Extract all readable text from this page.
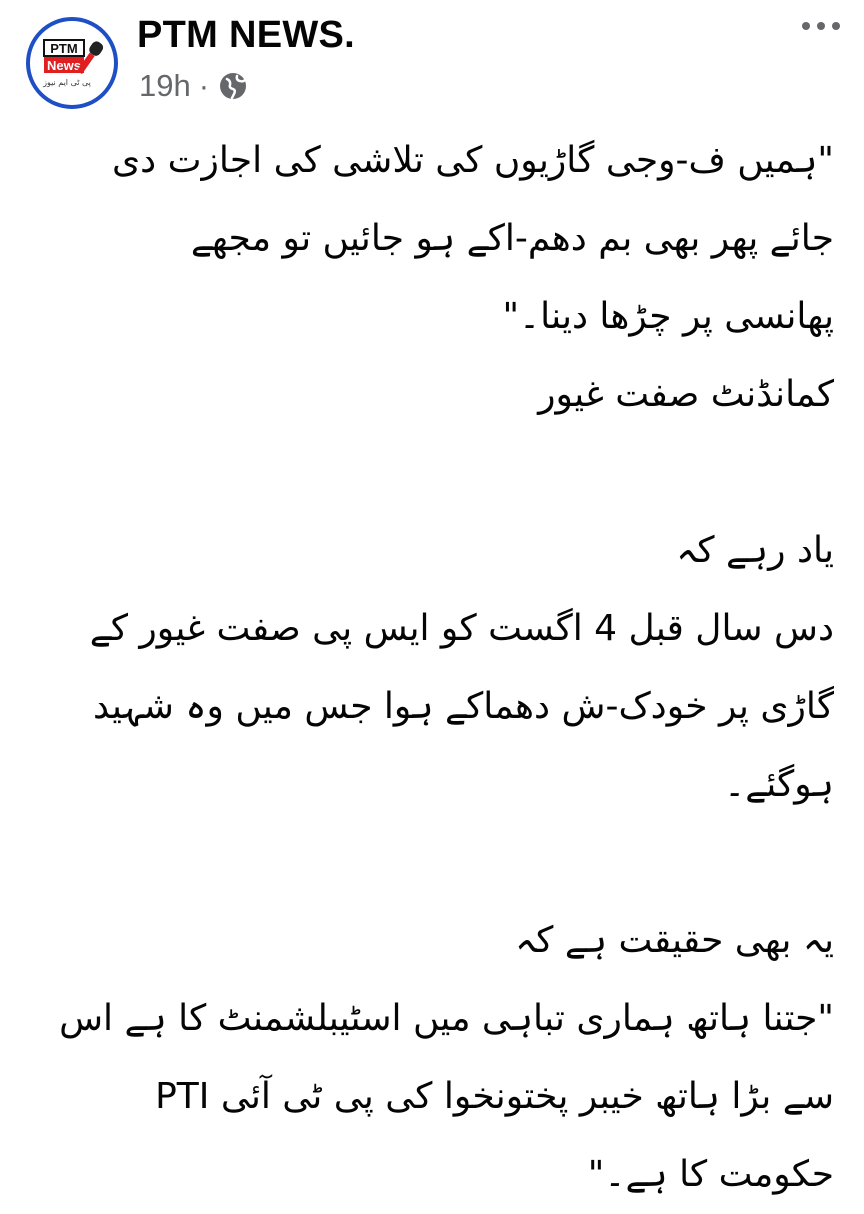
PTM
News
پی ٹی ایم نیوز
PTM NEWS.
19h ·
"ہمیں ف-وجی گاڑیوں کی تلاشی کی اجازت دی
جائے پھر بھی بم دھم-اکے ہو جائیں تو مجھے
پھانسی پر چڑھا دینا۔"
کمانڈنٹ صفت غیور
یاد رہے کہ
دس سال قبل 4 اگست کو ایس پی صفت غیور کے
گاڑی پر خودک-ش دھماکے ہوا جس میں وہ شہید
ہوگئے۔
یہ بھی حقیقت ہے کہ
"جتنا ہاتھ ہماری تباہی میں اسٹیبلشمنٹ کا ہے اس
سے بڑا ہاتھ خیبر پختونخوا کی پی ٹی آئی PTI
حکومت کا ہے۔"
